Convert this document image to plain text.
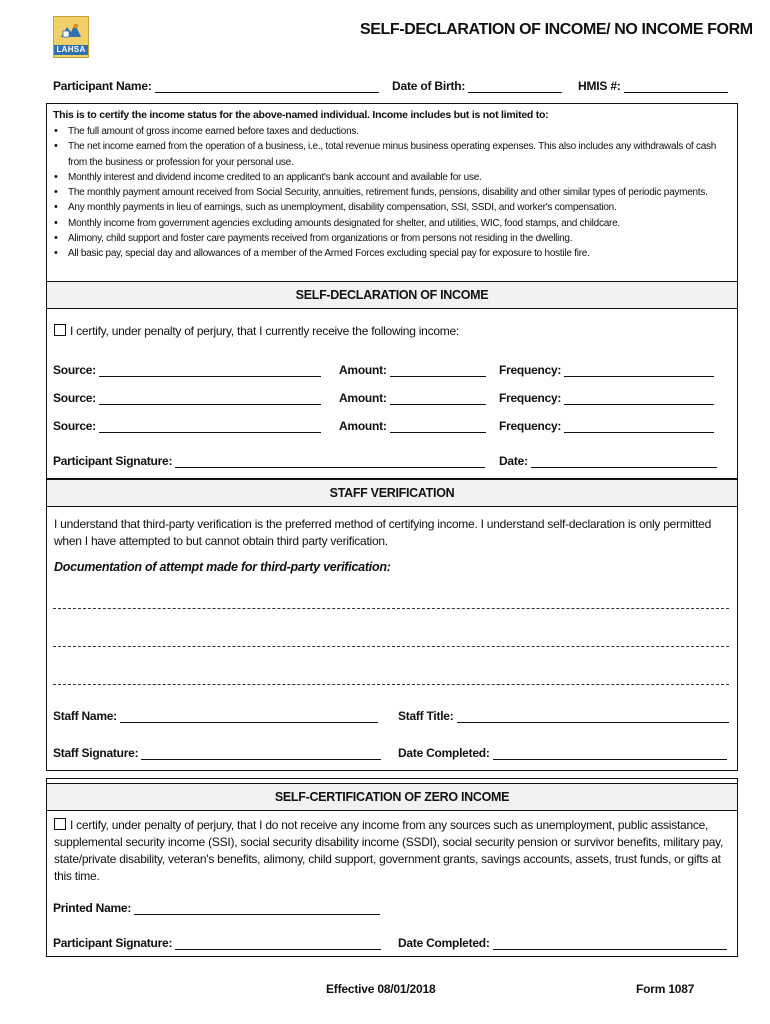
LAHSA
SELF-DECLARATION OF INCOME/ NO INCOME FORM
Participant Name:	Date of Birth:	HMIS #:
This is to certify the income status for the above-named individual. Income includes but is not limited to:
• The full amount of gross income earned before taxes and deductions.
• The net income earned from the operation of a business, i.e., total revenue minus business operating expenses. This also includes any withdrawals of cash from the business or profession for your personal use.
• Monthly interest and dividend income credited to an applicant's bank account and available for use.
• The monthly payment amount received from Social Security, annuities, retirement funds, pensions, disability and other similar types of periodic payments.
• Any monthly payments in lieu of earnings, such as unemployment, disability compensation, SSI, SSDI, and worker's compensation.
• Monthly income from government agencies excluding amounts designated for shelter, and utilities, WIC, food stamps, and childcare.
• Alimony, child support and foster care payments received from organizations or from persons not residing in the dwelling.
• All basic pay, special day and allowances of a member of the Armed Forces excluding special pay for exposure to hostile fire.
SELF-DECLARATION OF INCOME
I certify, under penalty of perjury, that I currently receive the following income:
Source:	Amount:	Frequency:
Source:	Amount:	Frequency:
Source:	Amount:	Frequency:
Participant Signature:	Date:
STAFF VERIFICATION
I understand that third-party verification is the preferred method of certifying income. I understand self-declaration is only permitted when I have attempted to but cannot obtain third party verification.
Documentation of attempt made for third-party verification:
Staff Name:	Staff Title:
Staff Signature:	Date Completed:
SELF-CERTIFICATION OF ZERO INCOME
I certify, under penalty of perjury, that I do not receive any income from any sources such as unemployment, public assistance, supplemental security income (SSI), social security disability income (SSDI), social security pension or survivor benefits, military pay, state/private disability, veteran's benefits, alimony, child support, government grants, savings accounts, assets, trust funds, or gifts at this time.
Printed Name:
Participant Signature:	Date Completed:
Effective 08/01/2018	Form 1087
